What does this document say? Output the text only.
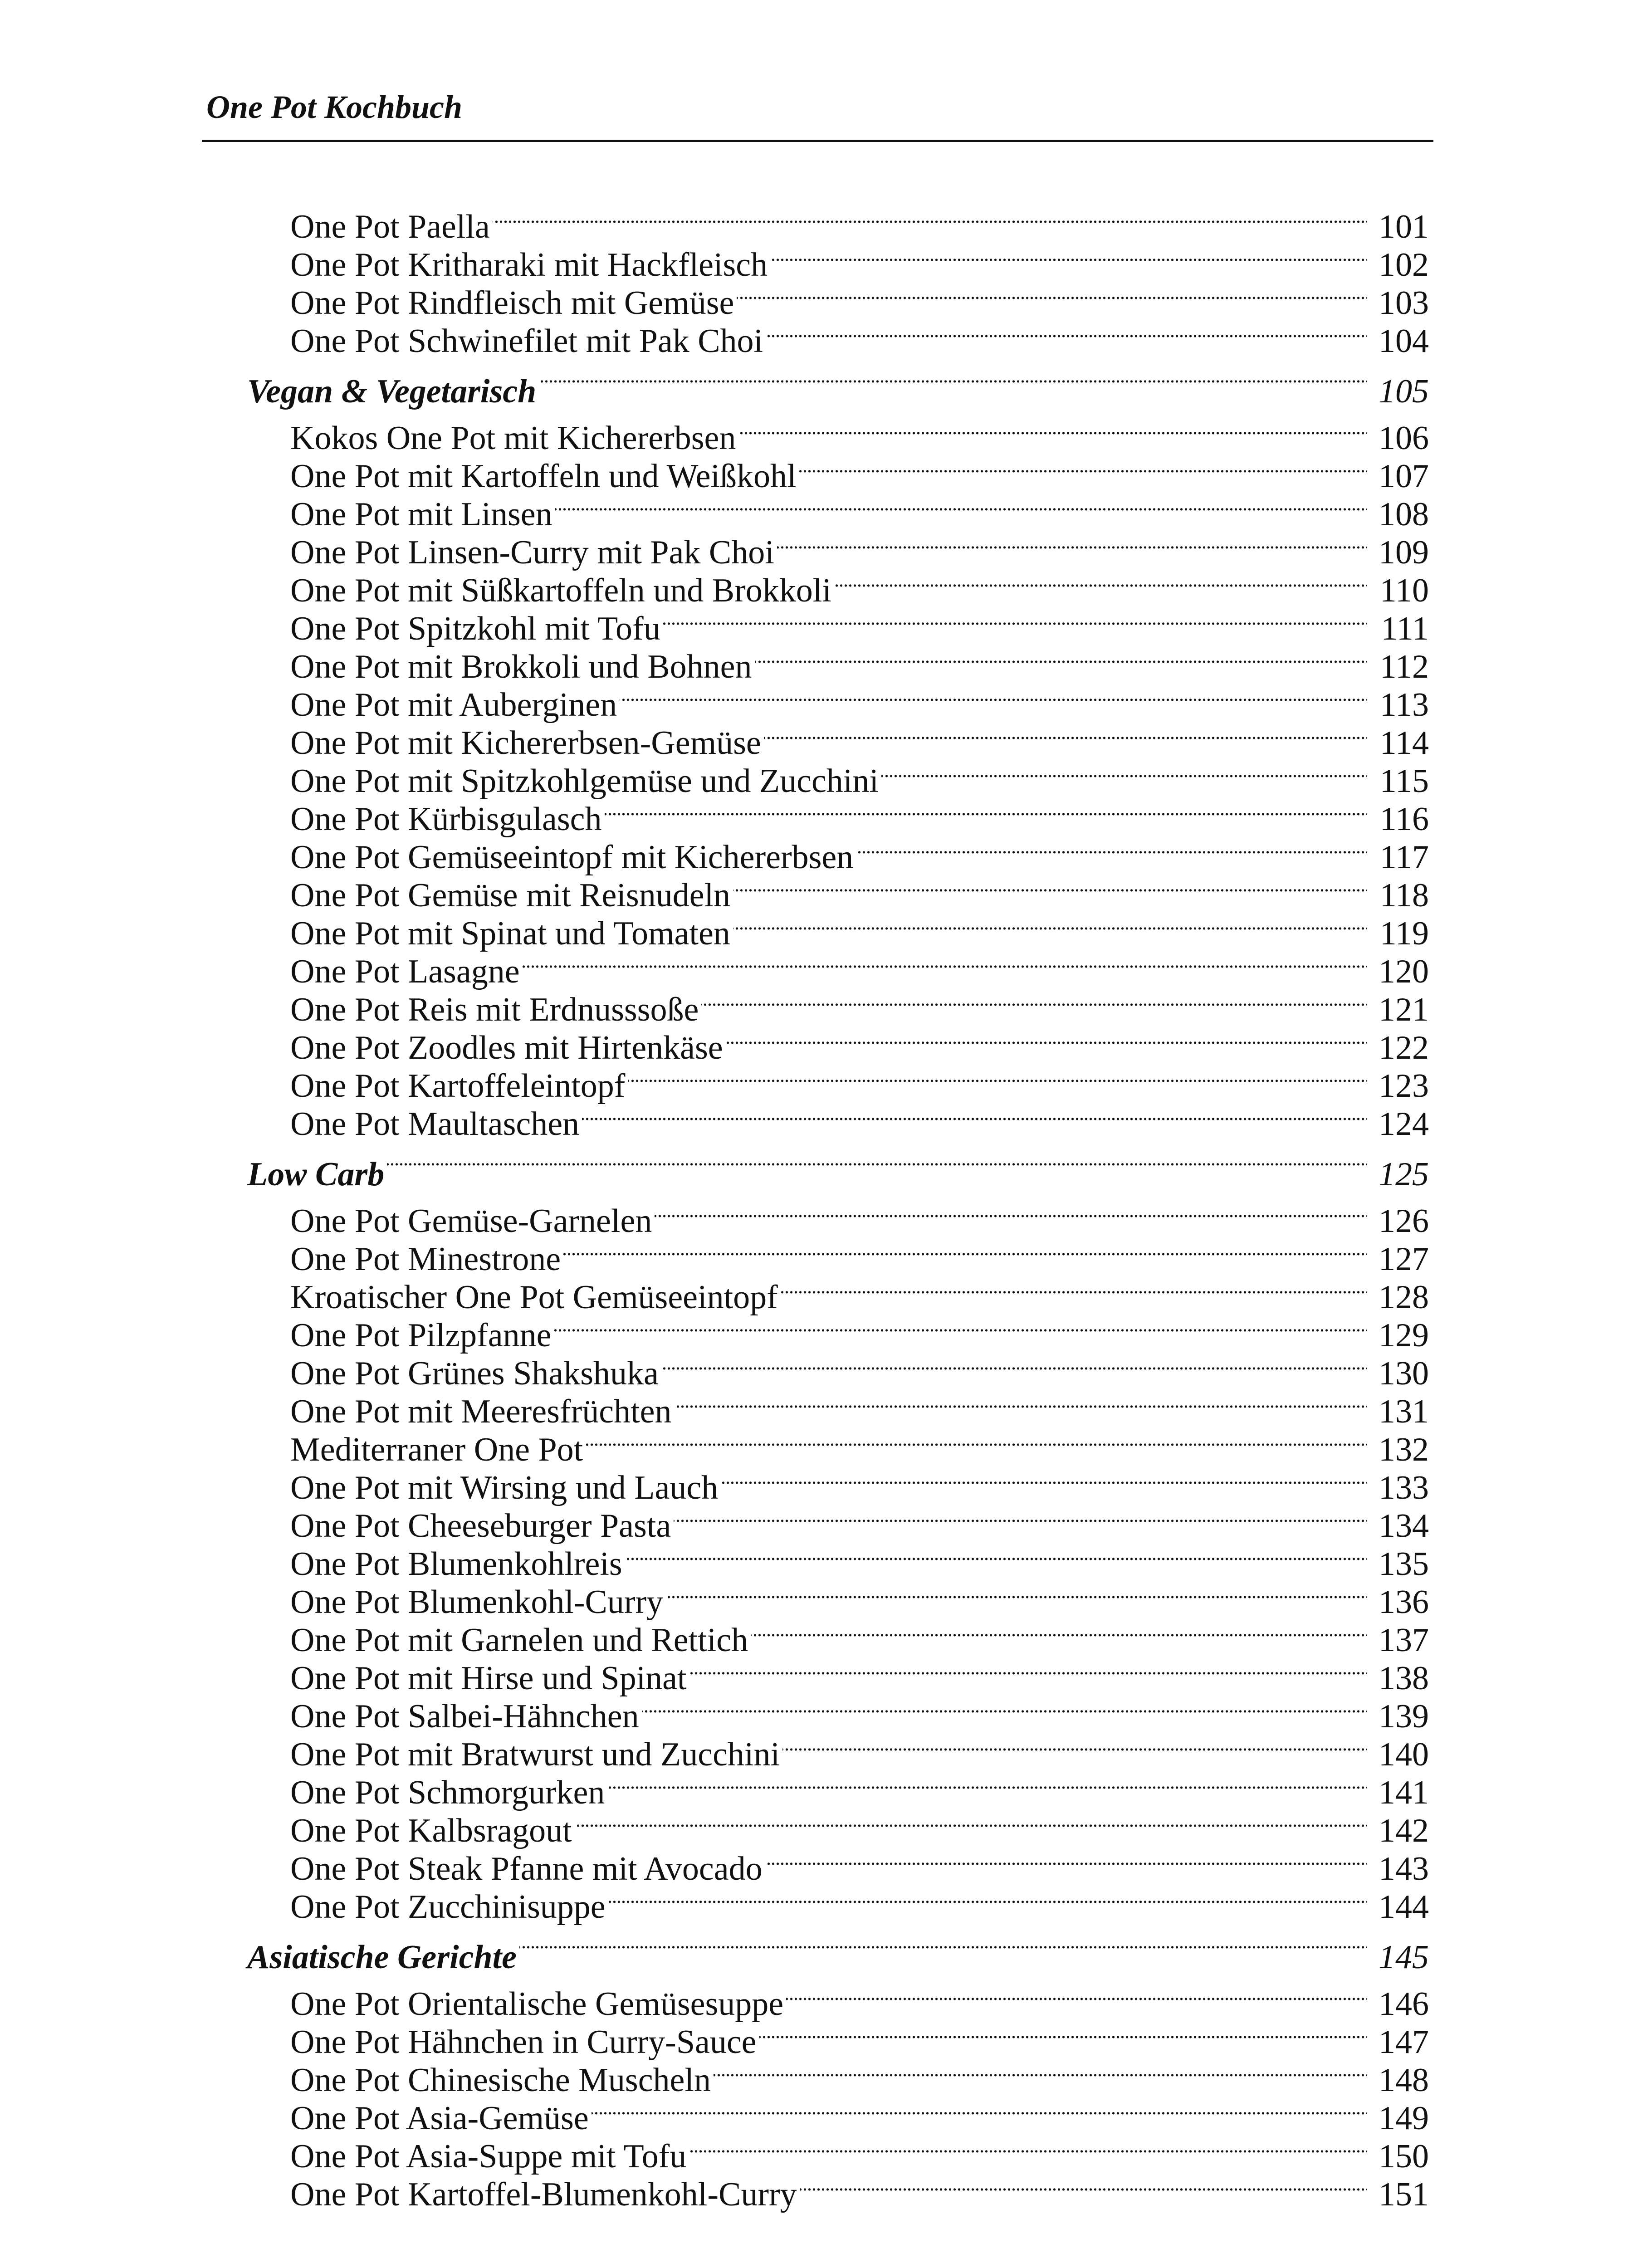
One Pot Kochbuch
One Pot Paella . . .	101
One Pot Kritharaki mit Hackfleisch . . .	102
One Pot Rindfleisch mit Gemüse . . .	103
One Pot Schwinefilet mit Pak Choi . . .	104
Vegan & Vegetarisch . . .	105
Kokos One Pot mit Kichererbsen . . .	106
One Pot mit Kartoffeln und Weißkohl . . .	107
One Pot mit Linsen . . .	108
One Pot Linsen-Curry mit Pak Choi . . .	109
One Pot mit Süßkartoffeln und Brokkoli . . .	110
One Pot Spitzkohl mit Tofu . . .	111
One Pot mit Brokkoli und Bohnen . . .	112
One Pot mit Auberginen . . .	113
One Pot mit Kichererbsen-Gemüse . . .	114
One Pot mit Spitzkohlgemüse und Zucchini . . .	115
One Pot Kürbisgulasch . . .	116
One Pot Gemüseeintopf mit Kichererbsen . . .	117
One Pot Gemüse mit Reisnudeln . . .	118
One Pot mit Spinat und Tomaten . . .	119
One Pot Lasagne . . .	120
One Pot Reis mit Erdnusssoße . . .	121
One Pot Zoodles mit Hirtenkäse . . .	122
One Pot Kartoffeleintopf . . .	123
One Pot Maultaschen . . .	124
Low Carb . . .	125
One Pot Gemüse-Garnelen . . .	126
One Pot Minestrone . . .	127
Kroatischer One Pot Gemüseeintopf . . .	128
One Pot Pilzpfanne . . .	129
One Pot Grünes Shakshuka . . .	130
One Pot mit Meeresfrüchten . . .	131
Mediterraner One Pot . . .	132
One Pot mit Wirsing und Lauch . . .	133
One Pot Cheeseburger Pasta . . .	134
One Pot Blumenkohlreis . . .	135
One Pot Blumenkohl-Curry . . .	136
One Pot mit Garnelen und Rettich . . .	137
One Pot mit Hirse und Spinat . . .	138
One Pot Salbei-Hähnchen . . .	139
One Pot mit Bratwurst und Zucchini . . .	140
One Pot Schmorgurken . . .	141
One Pot Kalbsragout . . .	142
One Pot Steak Pfanne mit Avocado . . .	143
One Pot Zucchinisuppe . . .	144
Asiatische Gerichte . . .	145
One Pot Orientalische Gemüsesuppe . . .	146
One Pot Hähnchen in Curry-Sauce . . .	147
One Pot Chinesische Muscheln . . .	148
One Pot Asia-Gemüse . . .	149
One Pot Asia-Suppe mit Tofu . . .	150
One Pot Kartoffel-Blumenkohl-Curry . . .	151
